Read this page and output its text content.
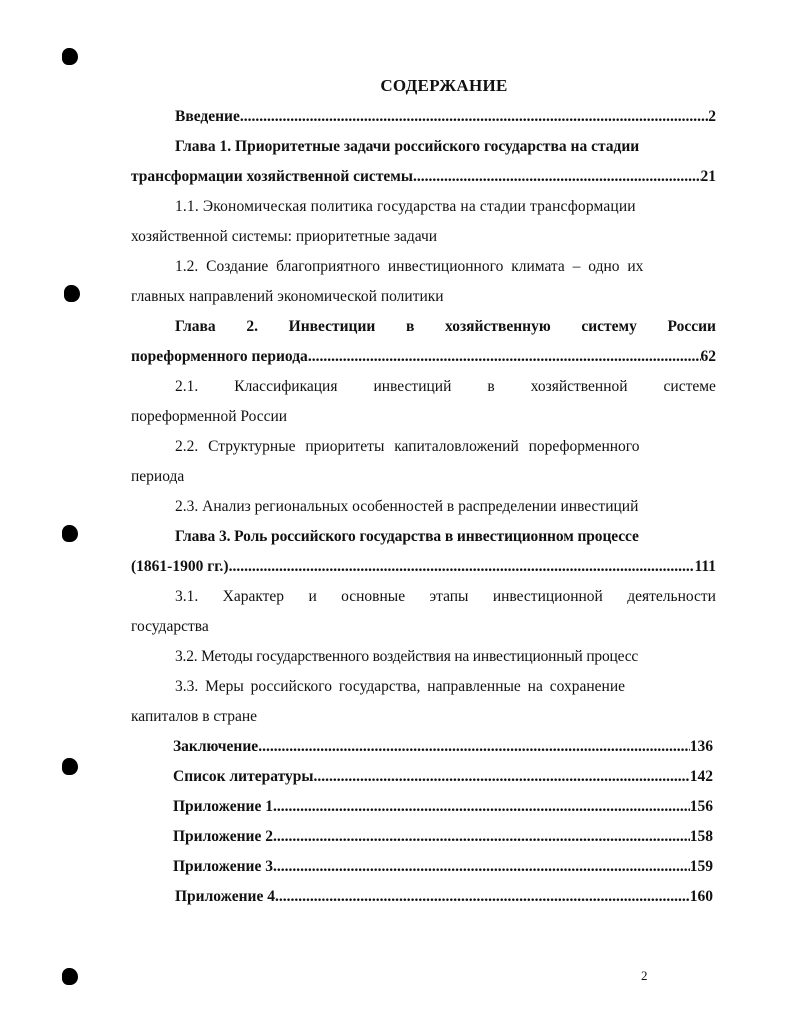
СОДЕРЖАНИЕ
Введение .....	2
Глава 1. Приоритетные задачи российского государства на стадии
трансформации хозяйственной системы .....	21
1.1. Экономическая политика государства на стадии трансформации
хозяйственной системы: приоритетные задачи
1.2. Создание благоприятного инвестиционного климата – одно их
главных направлений экономической политики
Глава 2. Инвестиции в хозяйственную систему России
пореформенного периода .....	62
2.1. Классификация инвестиций в хозяйственной системе
пореформенной России
2.2. Структурные приоритеты капиталовложений пореформенного
периода
2.3. Анализ региональных особенностей в распределении инвестиций
Глава 3. Роль российского государства в инвестиционном процессе
(1861-1900 гг.) .....	111
3.1. Характер и основные этапы инвестиционной деятельности
государства
3.2. Методы государственного воздействия на инвестиционный процесс
3.3. Меры российского государства, направленные на сохранение
капиталов в стране
Заключение .....	136
Список литературы .....	142
Приложение 1 .....	156
Приложение 2 .....	158
Приложение 3 .....	159
Приложение 4 .....	160
2
